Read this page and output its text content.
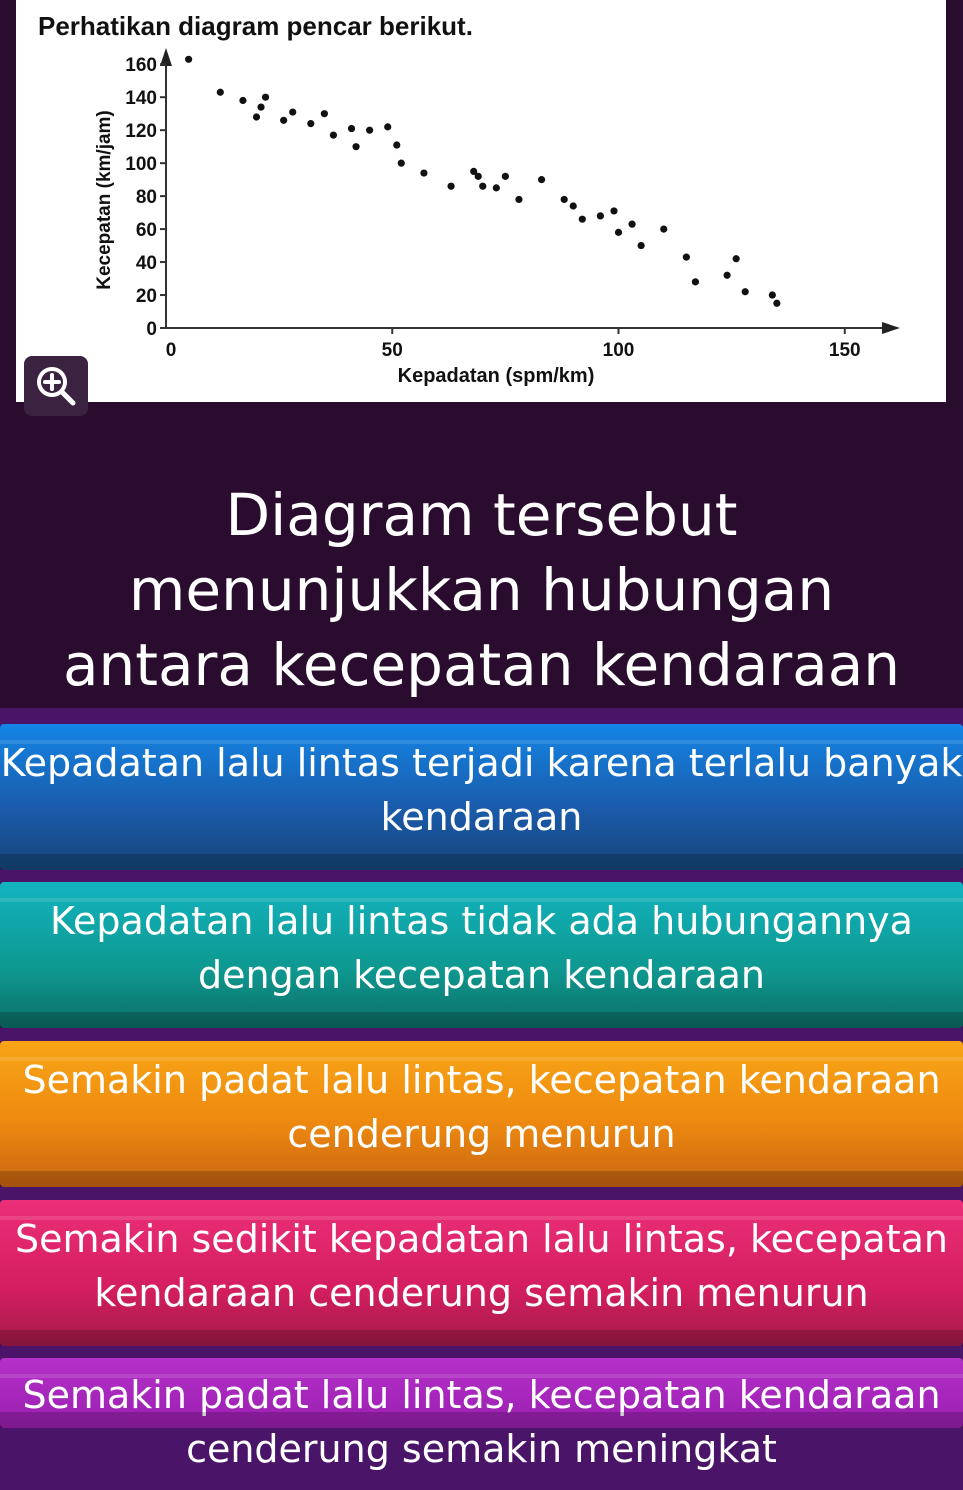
Perhatikan diagram pencar berikut.
0
20
40
60
80
100
120
140
160
0	50	100	150
Kepadatan (spm/km)
Kecepatan (km/jam)
Diagram tersebut menunjukkan hubungan antara kecepatan kendaraan
Kepadatan lalu lintas terjadi karena terlalu banyak kendaraan
Kepadatan lalu lintas tidak ada hubungannya dengan kecepatan kendaraan
Semakin padat lalu lintas, kecepatan kendaraan cenderung menurun
Semakin sedikit kepadatan lalu lintas, kecepatan kendaraan cenderung semakin menurun
Semakin padat lalu lintas, kecepatan kendaraan cenderung semakin meningkat
